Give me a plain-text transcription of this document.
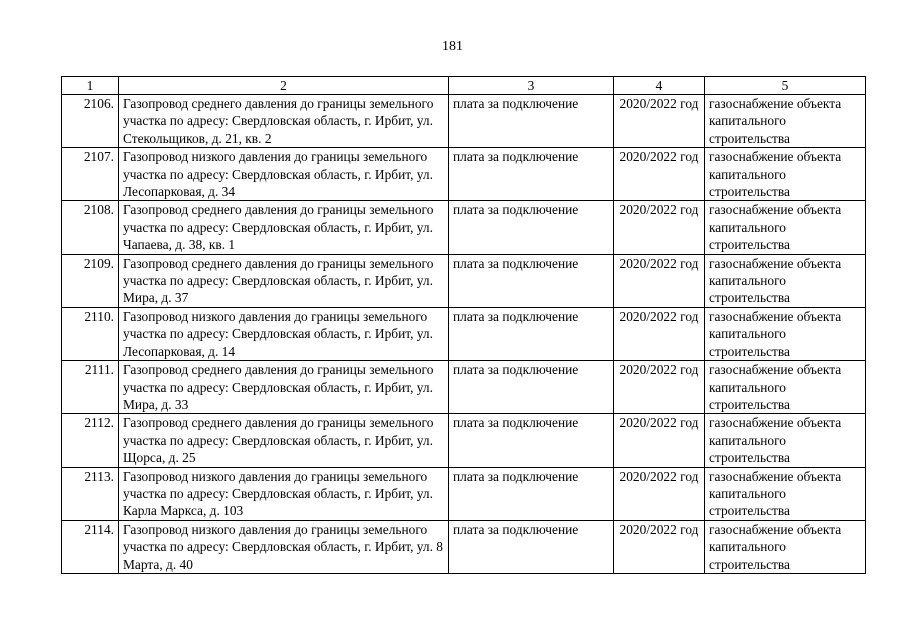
181
1	2	3	4	5
2106.	Газопровод среднего давления до границы земельного участка по адресу: Свердловская область, г. Ирбит, ул. Стекольщиков, д. 21, кв. 2	плата за подключение	2020/2022 год	газоснабжение объекта капитального строительства
2107.	Газопровод низкого давления до границы земельного участка по адресу: Свердловская область, г. Ирбит, ул. Лесопарковая, д. 34	плата за подключение	2020/2022 год	газоснабжение объекта капитального строительства
2108.	Газопровод среднего давления до границы земельного участка по адресу: Свердловская область, г. Ирбит, ул. Чапаева, д. 38, кв. 1	плата за подключение	2020/2022 год	газоснабжение объекта капитального строительства
2109.	Газопровод среднего давления до границы земельного участка по адресу: Свердловская область, г. Ирбит, ул. Мира, д. 37	плата за подключение	2020/2022 год	газоснабжение объекта капитального строительства
2110.	Газопровод низкого давления до границы земельного участка по адресу: Свердловская область, г. Ирбит, ул. Лесопарковая, д. 14	плата за подключение	2020/2022 год	газоснабжение объекта капитального строительства
2111.	Газопровод среднего давления до границы земельного участка по адресу: Свердловская область, г. Ирбит, ул. Мира, д. 33	плата за подключение	2020/2022 год	газоснабжение объекта капитального строительства
2112.	Газопровод среднего давления до границы земельного участка по адресу: Свердловская область, г. Ирбит, ул. Щорса, д. 25	плата за подключение	2020/2022 год	газоснабжение объекта капитального строительства
2113.	Газопровод низкого давления до границы земельного участка по адресу: Свердловская область, г. Ирбит, ул. Карла Маркса, д. 103	плата за подключение	2020/2022 год	газоснабжение объекта капитального строительства
2114.	Газопровод низкого давления до границы земельного участка по адресу: Свердловская область, г. Ирбит, ул. 8 Марта, д. 40	плата за подключение	2020/2022 год	газоснабжение объекта капитального строительства
